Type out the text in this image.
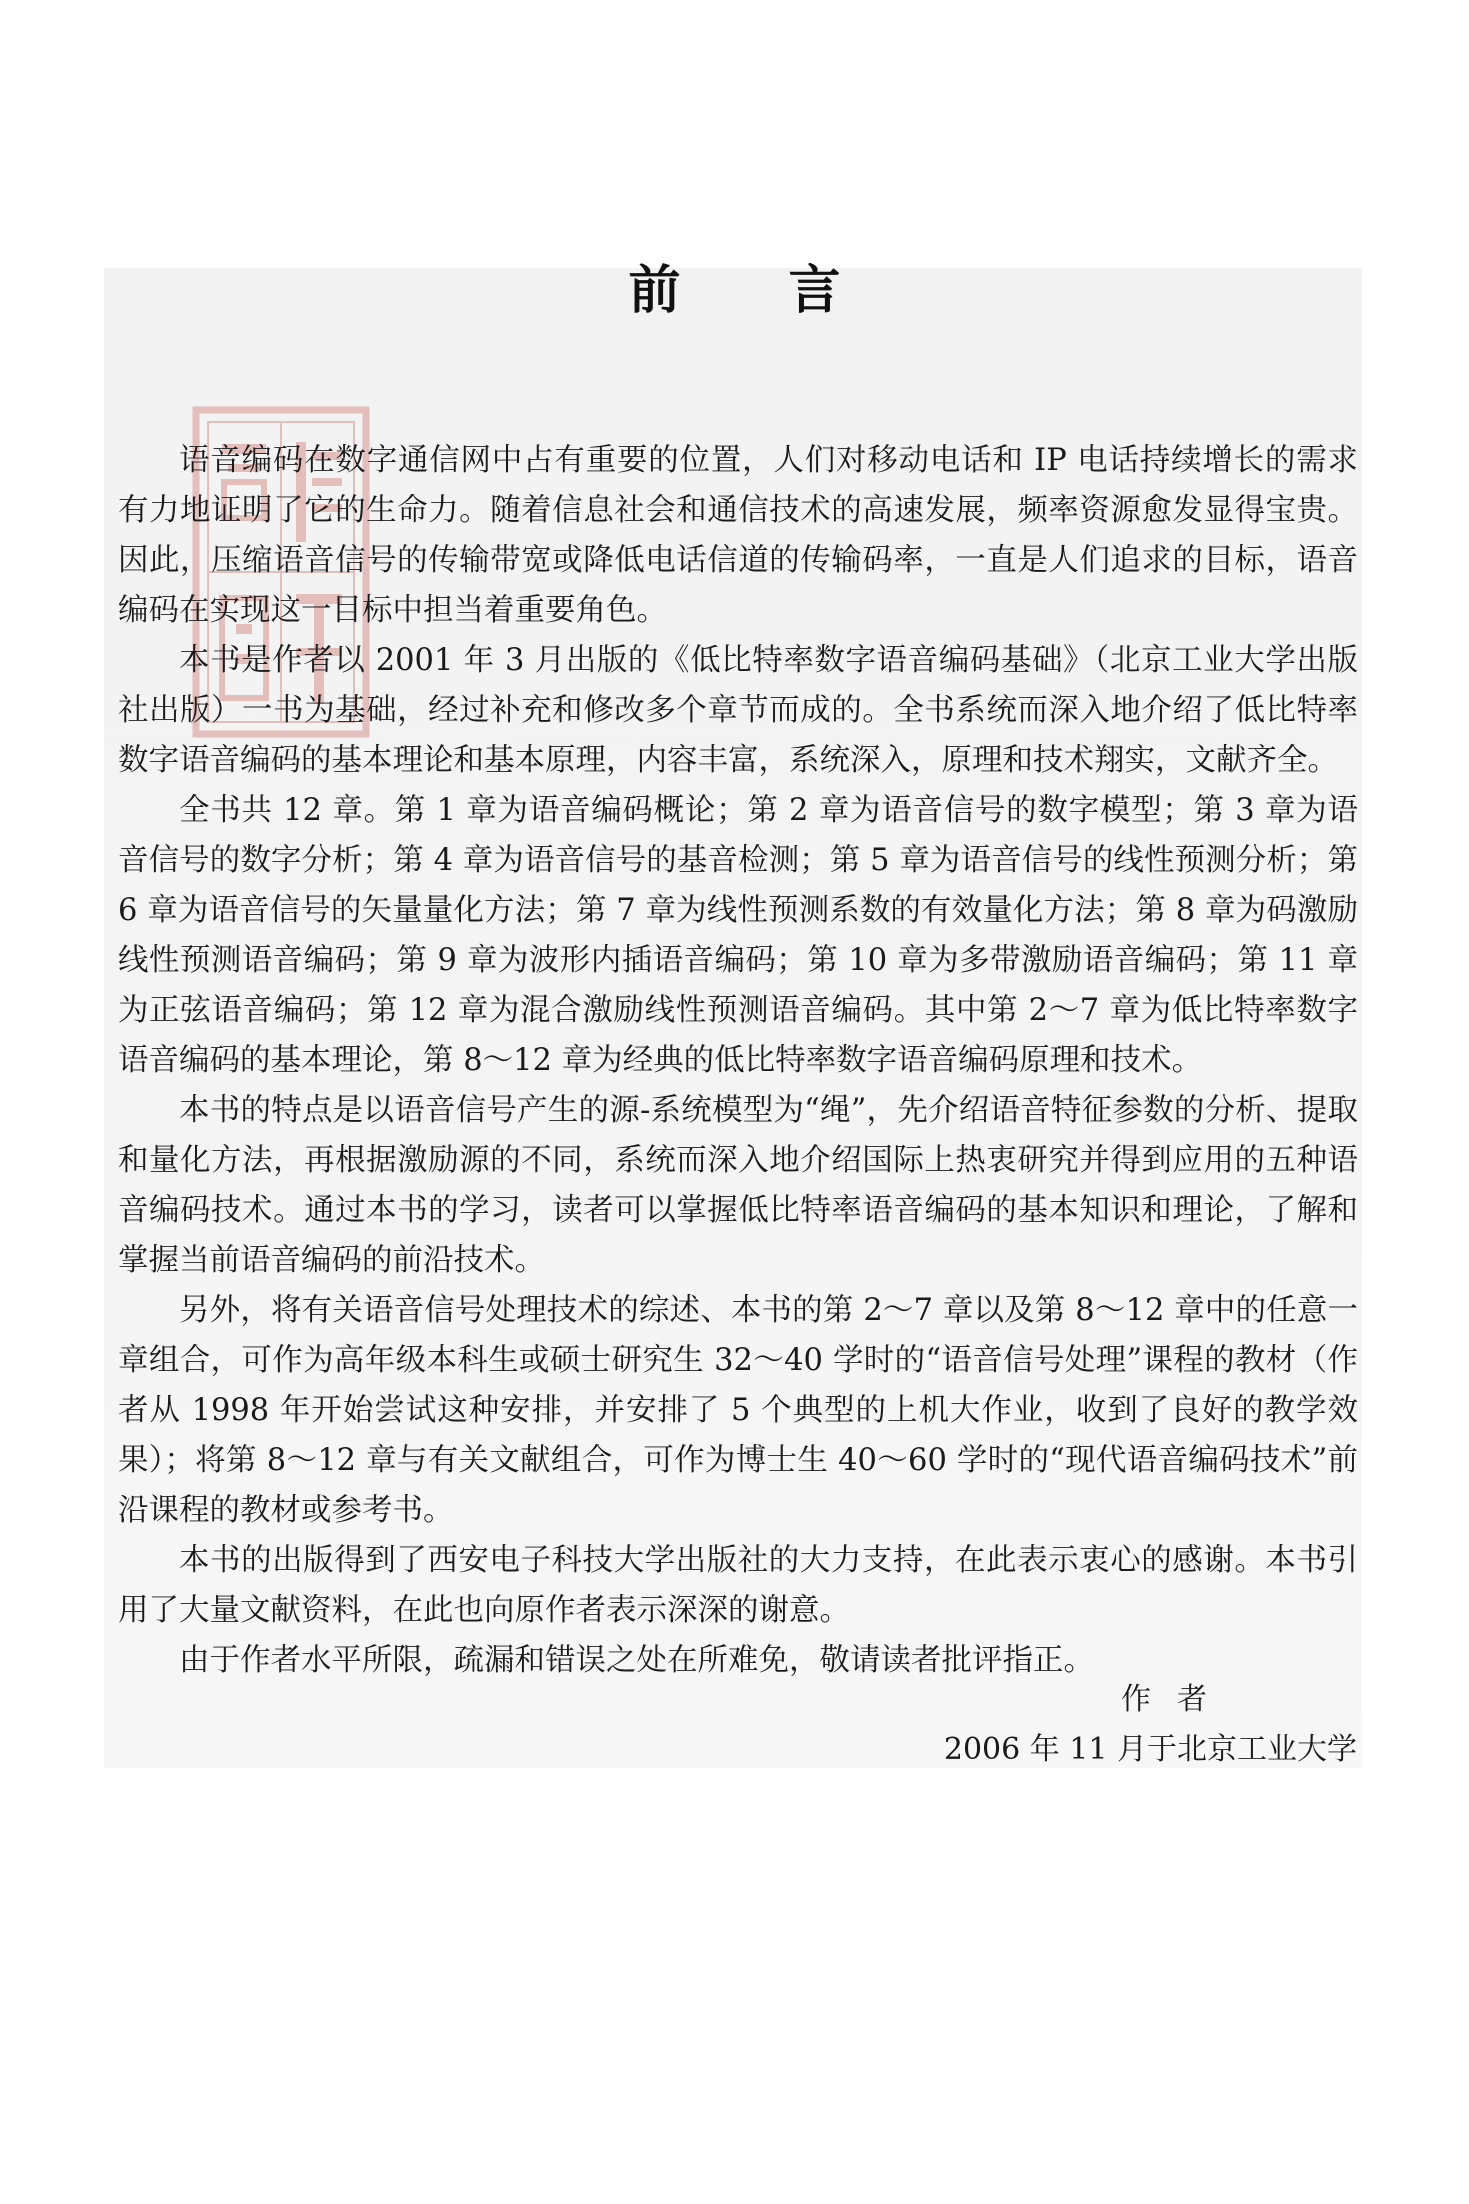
前言

语音编码在数字通信网中占有重要的位置，人们对移动电话和 IP 电话持续增长的需求有力地证明了它的生命力。随着信息社会和通信技术的高速发展，频率资源愈发显得宝贵。因此，压缩语音信号的传输带宽或降低电话信道的传输码率，一直是人们追求的目标，语音编码在实现这一目标中担当着重要角色。

本书是作者以 2001 年 3 月出版的《低比特率数字语音编码基础》（北京工业大学出版社出版）一书为基础，经过补充和修改多个章节而成的。全书系统而深入地介绍了低比特率数字语音编码的基本理论和基本原理，内容丰富，系统深入，原理和技术翔实，文献齐全。

全书共 12 章。第 1 章为语音编码概论；第 2 章为语音信号的数字模型；第 3 章为语音信号的数字分析；第 4 章为语音信号的基音检测；第 5 章为语音信号的线性预测分析；第 6 章为语音信号的矢量量化方法；第 7 章为线性预测系数的有效量化方法；第 8 章为码激励线性预测语音编码；第 9 章为波形内插语音编码；第 10 章为多带激励语音编码；第 11 章为正弦语音编码；第 12 章为混合激励线性预测语音编码。其中第 2～7 章为低比特率数字语音编码的基本理论，第 8～12 章为经典的低比特率数字语音编码原理和技术。

本书的特点是以语音信号产生的源-系统模型为“绳”，先介绍语音特征参数的分析、提取和量化方法，再根据激励源的不同，系统而深入地介绍国际上热衷研究并得到应用的五种语音编码技术。通过本书的学习，读者可以掌握低比特率语音编码的基本知识和理论，了解和掌握当前语音编码的前沿技术。

另外，将有关语音信号处理技术的综述、本书的第 2～7 章以及第 8～12 章中的任意一章组合，可作为高年级本科生或硕士研究生 32～40 学时的“语音信号处理”课程的教材（作者从 1998 年开始尝试这种安排，并安排了 5 个典型的上机大作业，收到了良好的教学效果）；将第 8～12 章与有关文献组合，可作为博士生 40～60 学时的“现代语音编码技术”前沿课程的教材或参考书。

本书的出版得到了西安电子科技大学出版社的大力支持，在此表示衷心的感谢。本书引用了大量文献资料，在此也向原作者表示深深的谢意。

由于作者水平所限，疏漏和错误之处在所难免，敬请读者批评指正。

作者
2006 年 11 月于北京工业大学
